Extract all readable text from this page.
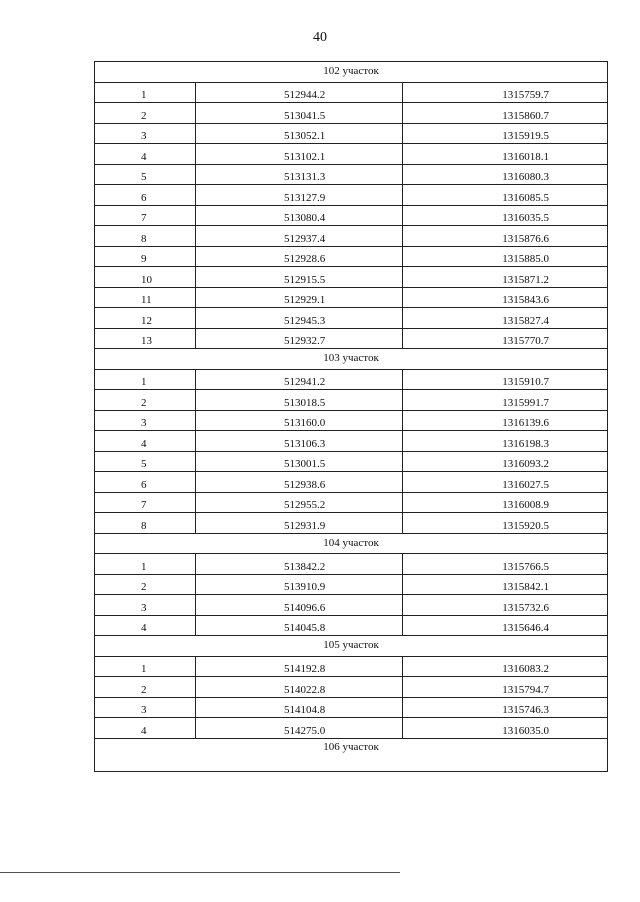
40
102 участок		
1	512944.2	1315759.7
2	513041.5	1315860.7
3	513052.1	1315919.5
4	513102.1	1316018.1
5	513131.3	1316080.3
6	513127.9	1316085.5
7	513080.4	1316035.5
8	512937.4	1315876.6
9	512928.6	1315885.0
10	512915.5	1315871.2
11	512929.1	1315843.6
12	512945.3	1315827.4
13	512932.7	1315770.7
103 участок		
1	512941.2	1315910.7
2	513018.5	1315991.7
3	513160.0	1316139.6
4	513106.3	1316198.3
5	513001.5	1316093.2
6	512938.6	1316027.5
7	512955.2	1316008.9
8	512931.9	1315920.5
104 участок		
1	513842.2	1315766.5
2	513910.9	1315842.1
3	514096.6	1315732.6
4	514045.8	1315646.4
105 участок		
1	514192.8	1316083.2
2	514022.8	1315794.7
3	514104.8	1315746.3
4	514275.0	1316035.0
106 участок		
